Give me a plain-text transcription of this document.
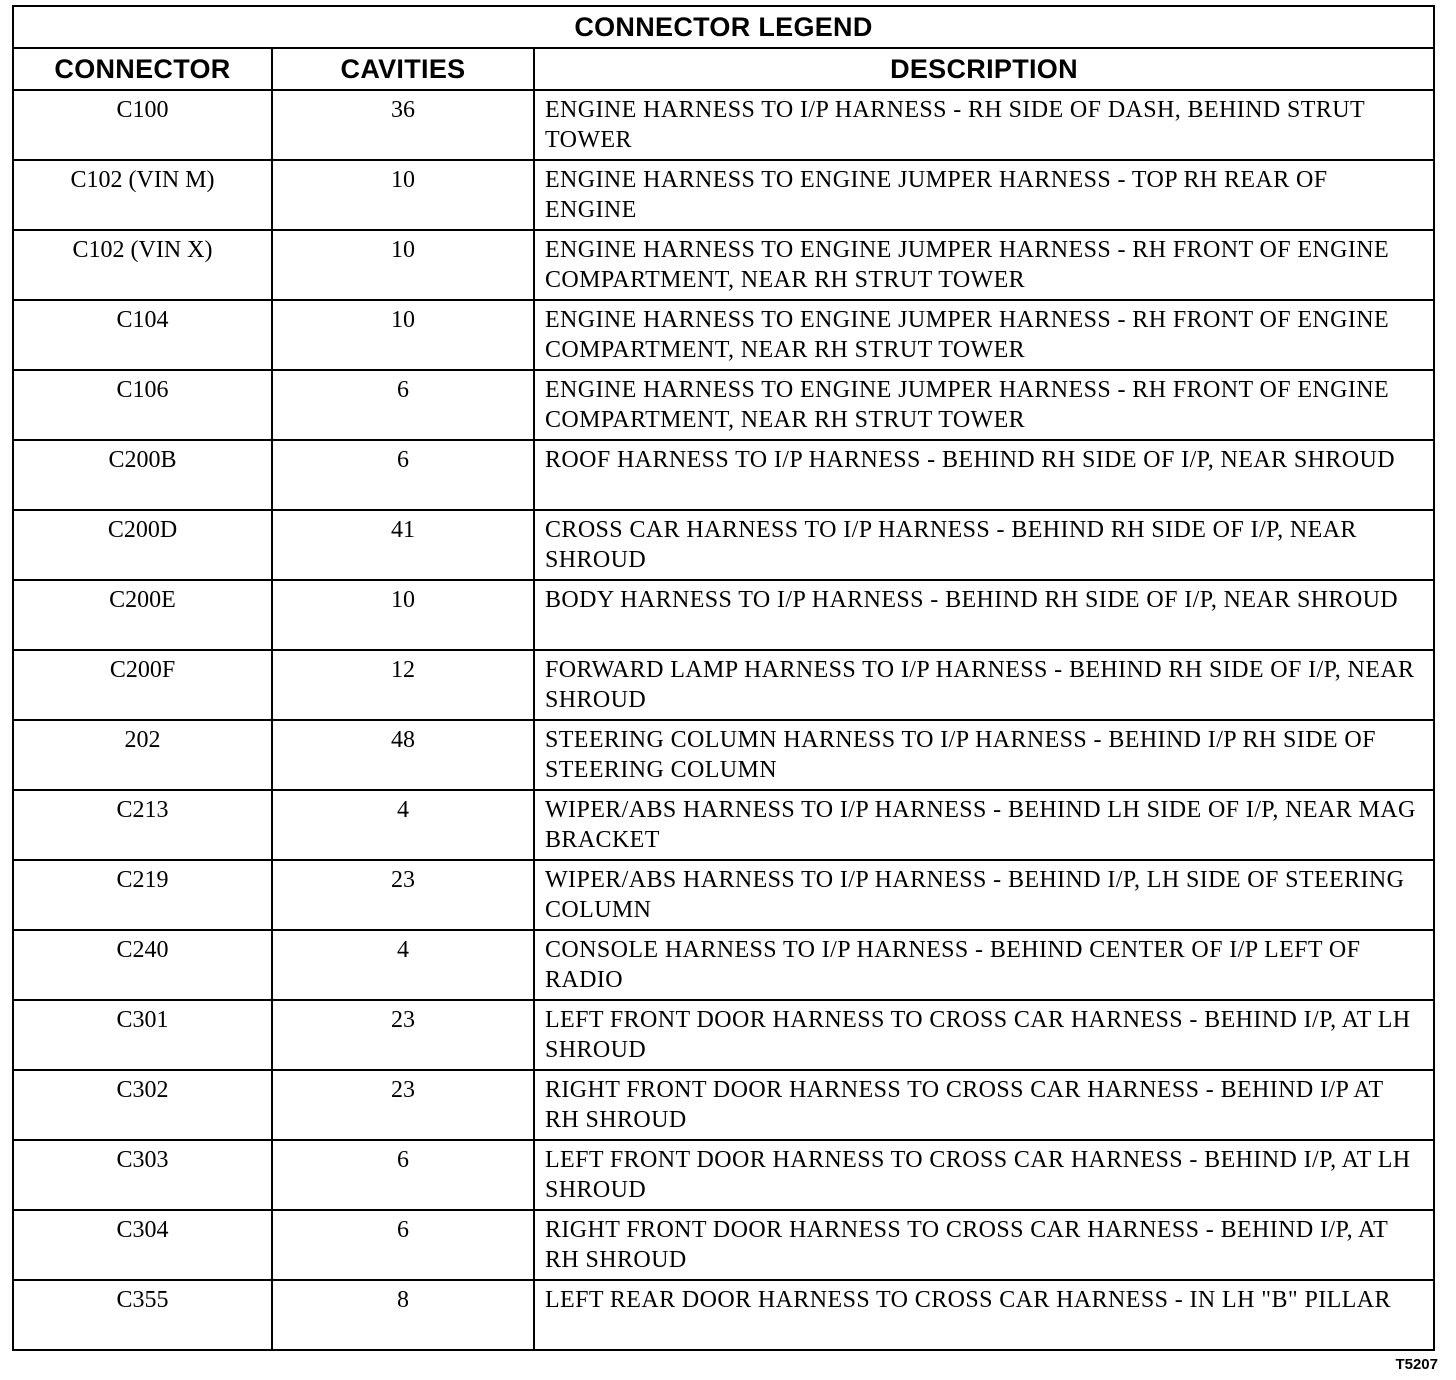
CONNECTOR LEGEND		
CONNECTOR	CAVITIES	DESCRIPTION
C100	36	ENGINE HARNESS TO I/P HARNESS - RH SIDE OF DASH, BEHIND STRUT TOWER
C102 (VIN M)	10	ENGINE HARNESS TO ENGINE JUMPER HARNESS - TOP RH REAR OF ENGINE
C102 (VIN X)	10	ENGINE HARNESS TO ENGINE JUMPER HARNESS - RH FRONT OF ENGINE COMPARTMENT, NEAR RH STRUT TOWER
C104	10	ENGINE HARNESS TO ENGINE JUMPER HARNESS - RH FRONT OF ENGINE COMPARTMENT, NEAR RH STRUT TOWER
C106	6	ENGINE HARNESS TO ENGINE JUMPER HARNESS - RH FRONT OF ENGINE COMPARTMENT, NEAR RH STRUT TOWER
C200B	6	ROOF HARNESS TO I/P HARNESS - BEHIND RH SIDE OF I/P, NEAR SHROUD
C200D	41	CROSS CAR HARNESS TO I/P HARNESS - BEHIND RH SIDE OF I/P, NEAR SHROUD
C200E	10	BODY HARNESS TO I/P HARNESS - BEHIND RH SIDE OF I/P, NEAR SHROUD
C200F	12	FORWARD LAMP HARNESS TO I/P HARNESS - BEHIND RH SIDE OF I/P, NEAR SHROUD
202	48	STEERING COLUMN HARNESS TO I/P HARNESS - BEHIND I/P RH SIDE OF STEERING COLUMN
C213	4	WIPER/ABS HARNESS TO I/P HARNESS - BEHIND LH SIDE OF I/P, NEAR MAG BRACKET
C219	23	WIPER/ABS HARNESS TO I/P HARNESS - BEHIND I/P, LH SIDE OF STEERING COLUMN
C240	4	CONSOLE HARNESS TO I/P HARNESS - BEHIND CENTER OF I/P LEFT OF RADIO
C301	23	LEFT FRONT DOOR HARNESS TO CROSS CAR HARNESS - BEHIND I/P, AT LH SHROUD
C302	23	RIGHT FRONT DOOR HARNESS TO CROSS CAR HARNESS - BEHIND I/P AT RH SHROUD
C303	6	LEFT FRONT DOOR HARNESS TO CROSS CAR HARNESS - BEHIND I/P, AT LH SHROUD
C304	6	RIGHT FRONT DOOR HARNESS TO CROSS CAR HARNESS - BEHIND I/P, AT RH SHROUD
C355	8	LEFT REAR DOOR HARNESS TO CROSS CAR HARNESS - IN LH "B" PILLAR
T5207
